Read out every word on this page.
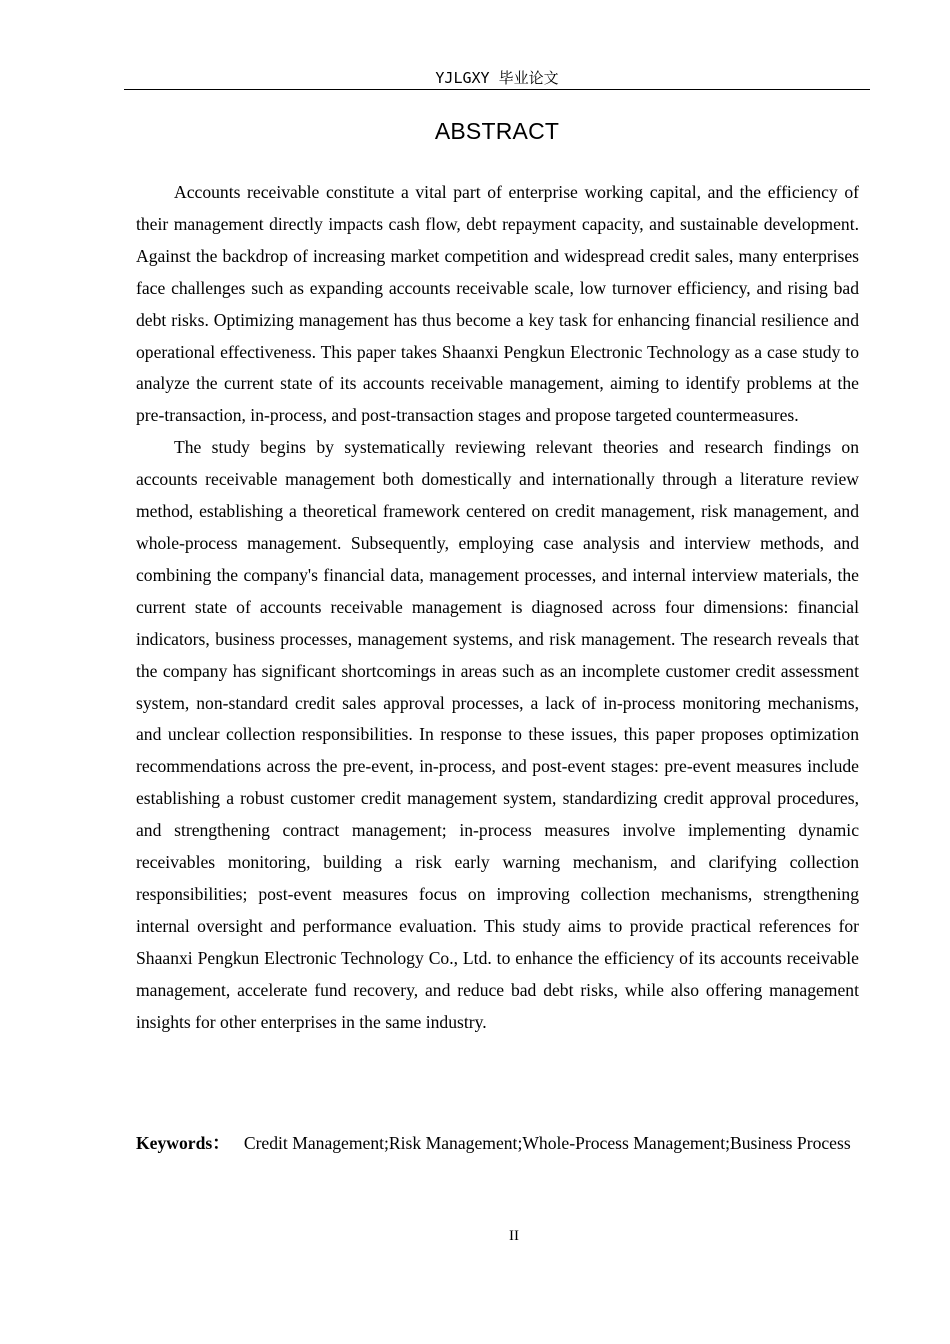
YJLGXY 毕业论文
ABSTRACT

Accounts receivable constitute a vital part of enterprise working capital, and the efficiency of their management directly impacts cash flow, debt repayment capacity, and sustainable development. Against the backdrop of increasing market competition and widespread credit sales, many enterprises face challenges such as expanding accounts receivable scale, low turnover efficiency, and rising bad debt risks. Optimizing management has thus become a key task for enhancing financial resilience and operational effectiveness. This paper takes Shaanxi Pengkun Electronic Technology as a case study to analyze the current state of its accounts receivable management, aiming to identify problems at the pre-transaction, in-process, and post-transaction stages and propose targeted countermeasures.

The study begins by systematically reviewing relevant theories and research findings on accounts receivable management both domestically and internationally through a literature review method, establishing a theoretical framework centered on credit management, risk management, and whole-process management. Subsequently, employing case analysis and interview methods, and combining the company's financial data, management processes, and internal interview materials, the current state of accounts receivable management is diagnosed across four dimensions: financial indicators, business processes, management systems, and risk management. The research reveals that the company has significant shortcomings in areas such as an incomplete customer credit assessment system, non-standard credit sales approval processes, a lack of in-process monitoring mechanisms, and unclear collection responsibilities. In response to these issues, this paper proposes optimization recommendations across the pre-event, in-process, and post-event stages: pre-event measures include establishing a robust customer credit management system, standardizing credit approval procedures, and strengthening contract management; in-process measures involve implementing dynamic receivables monitoring, building a risk early warning mechanism, and clarifying collection responsibilities; post-event measures focus on improving collection mechanisms, strengthening internal oversight and performance evaluation. This study aims to provide practical references for Shaanxi Pengkun Electronic Technology Co., Ltd. to enhance the efficiency of its accounts receivable management, accelerate fund recovery, and reduce bad debt risks, while also offering management insights for other enterprises in the same industry.

Keywords： Credit Management;Risk Management;Whole-Process Management;Business Process
II
